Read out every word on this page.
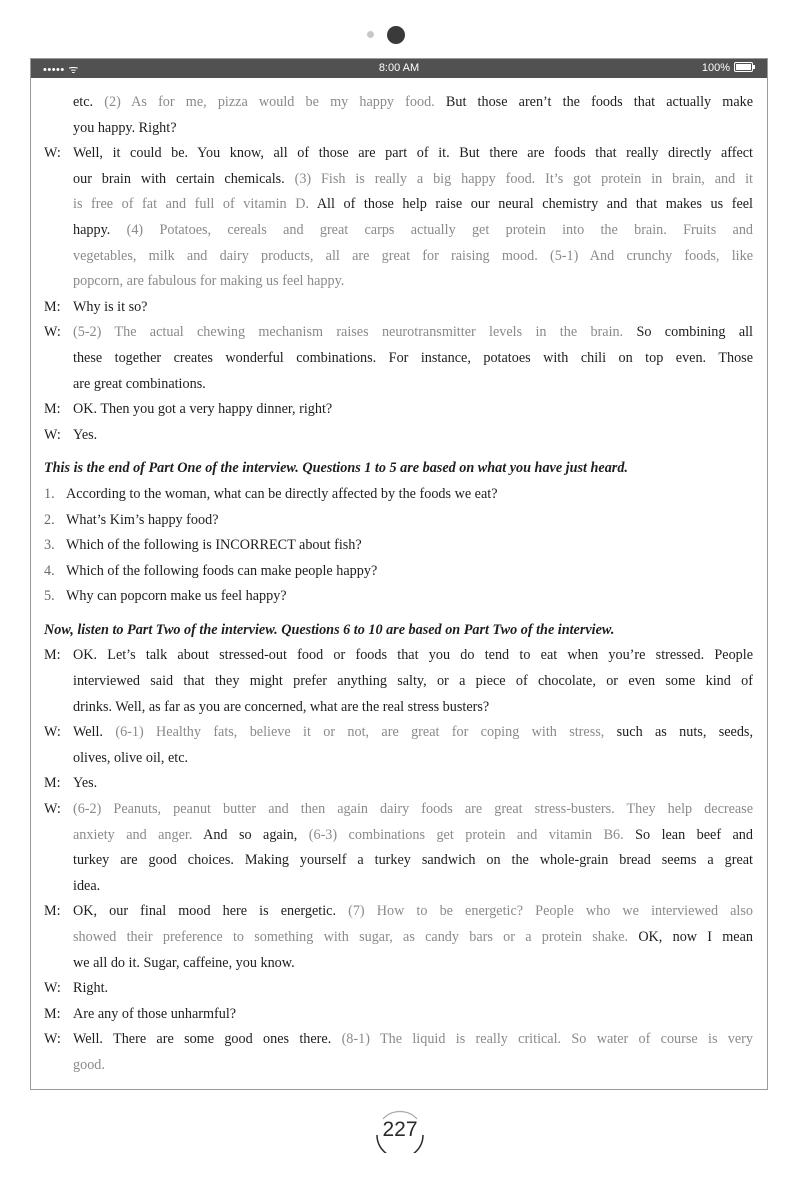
••••• ᯤ	8:00 AM	100%
etc. (2) As for me, pizza would be my happy food. But those aren’t the foods that actually make
you happy. Right?
W: Well, it could be. You know, all of those are part of it. But there are foods that really directly affect
our brain with certain chemicals. (3) Fish is really a big happy food. It’s got protein in brain, and it
is free of fat and full of vitamin D. All of those help raise our neural chemistry and that makes us feel
happy. (4) Potatoes, cereals and great carps actually get protein into the brain. Fruits and
vegetables, milk and dairy products, all are great for raising mood. (5-1) And crunchy foods, like
popcorn, are fabulous for making us feel happy.
M: Why is it so?
W: (5-2) The actual chewing mechanism raises neurotransmitter levels in the brain. So combining all
these together creates wonderful combinations. For instance, potatoes with chili on top even. Those
are great combinations.
M: OK. Then you got a very happy dinner, right?
W: Yes.
This is the end of Part One of the interview. Questions 1 to 5 are based on what you have just heard.
1. According to the woman, what can be directly affected by the foods we eat?
2. What’s Kim’s happy food?
3. Which of the following is INCORRECT about fish?
4. Which of the following foods can make people happy?
5. Why can popcorn make us feel happy?
Now, listen to Part Two of the interview. Questions 6 to 10 are based on Part Two of the interview.
M: OK. Let’s talk about stressed-out food or foods that you do tend to eat when you’re stressed. People
interviewed said that they might prefer anything salty, or a piece of chocolate, or even some kind of
drinks. Well, as far as you are concerned, what are the real stress busters?
W: Well. (6-1) Healthy fats, believe it or not, are great for coping with stress, such as nuts, seeds,
olives, olive oil, etc.
M: Yes.
W: (6-2) Peanuts, peanut butter and then again dairy foods are great stress-busters. They help decrease
anxiety and anger. And so again, (6-3) combinations get protein and vitamin B6. So lean beef and
turkey are good choices. Making yourself a turkey sandwich on the whole-grain bread seems a great
idea.
M: OK, our final mood here is energetic. (7) How to be energetic? People who we interviewed also
showed their preference to something with sugar, as candy bars or a protein shake. OK, now I mean
we all do it. Sugar, caffeine, you know.
W: Right.
M: Are any of those unharmful?
W: Well. There are some good ones there. (8-1) The liquid is really critical. So water of course is very
good.
227
